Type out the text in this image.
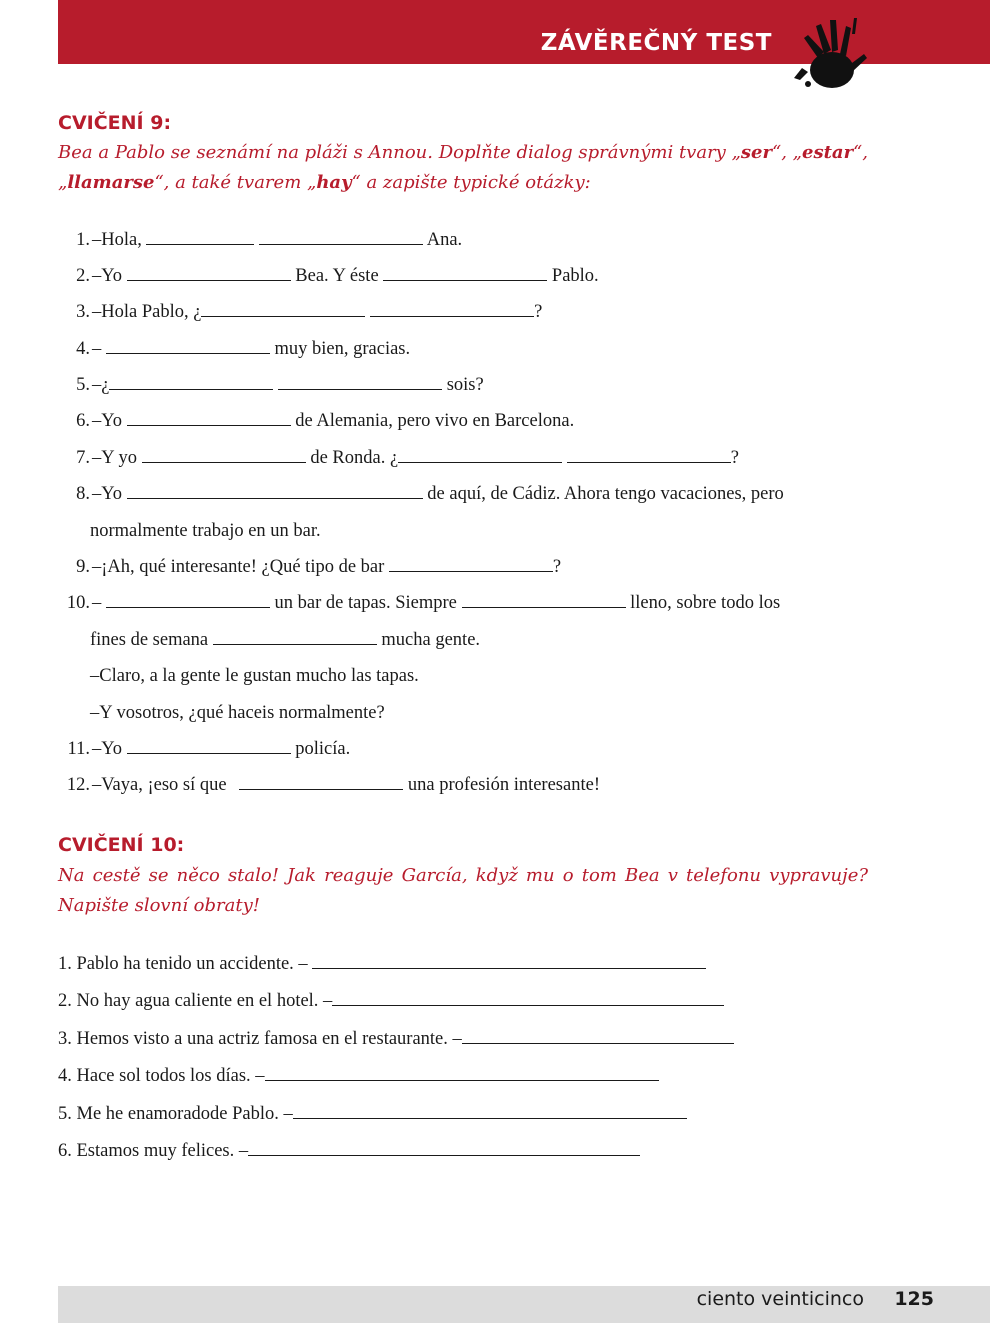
ZÁVĚREČNÝ TEST
CVIČENÍ 9:
Bea a Pablo se seznámí na pláži s Annou. Doplňte dialog správnými tvary „ser“, „estar“, „llamarse“, a také tvarem „hay“ a zapište typické otázky:
1. –Hola,	Ana.
2. –Yo	Bea. Y éste	Pablo.
3. –Hola Pablo, ¿	?
4. –	muy bien, gracias.
5. –¿	sois?
6. –Yo	de Alemania, pero vivo en Barcelona.
7. –Y yo	de Ronda. ¿	?
8. –Yo	de aquí, de Cádiz. Ahora tengo vacaciones, pero
normalmente trabajo en un bar.
9. –¡Ah, qué interesante! ¿Qué tipo de bar	?
10. –	un bar de tapas. Siempre	lleno, sobre todo los
fines de semana	mucha gente.
–Claro, a la gente le gustan mucho las tapas.
–Y vosotros, ¿qué haceis normalmente?
11. –Yo	policía.
12. –Vaya, ¡eso sí que	una profesión interesante!
CVIČENÍ 10:
Na cestě se něco stalo! Jak reaguje García, když mu o tom Bea v telefonu vypravuje? Napište slovní obraty!
1. Pablo ha tenido un accidente. –
2. No hay agua caliente en el hotel. –
3. Hemos visto a una actriz famosa en el restaurante. –
4. Hace sol todos los días. –
5. Me he enamoradode Pablo. –
6. Estamos muy felices. –
ciento veinticinco 125
